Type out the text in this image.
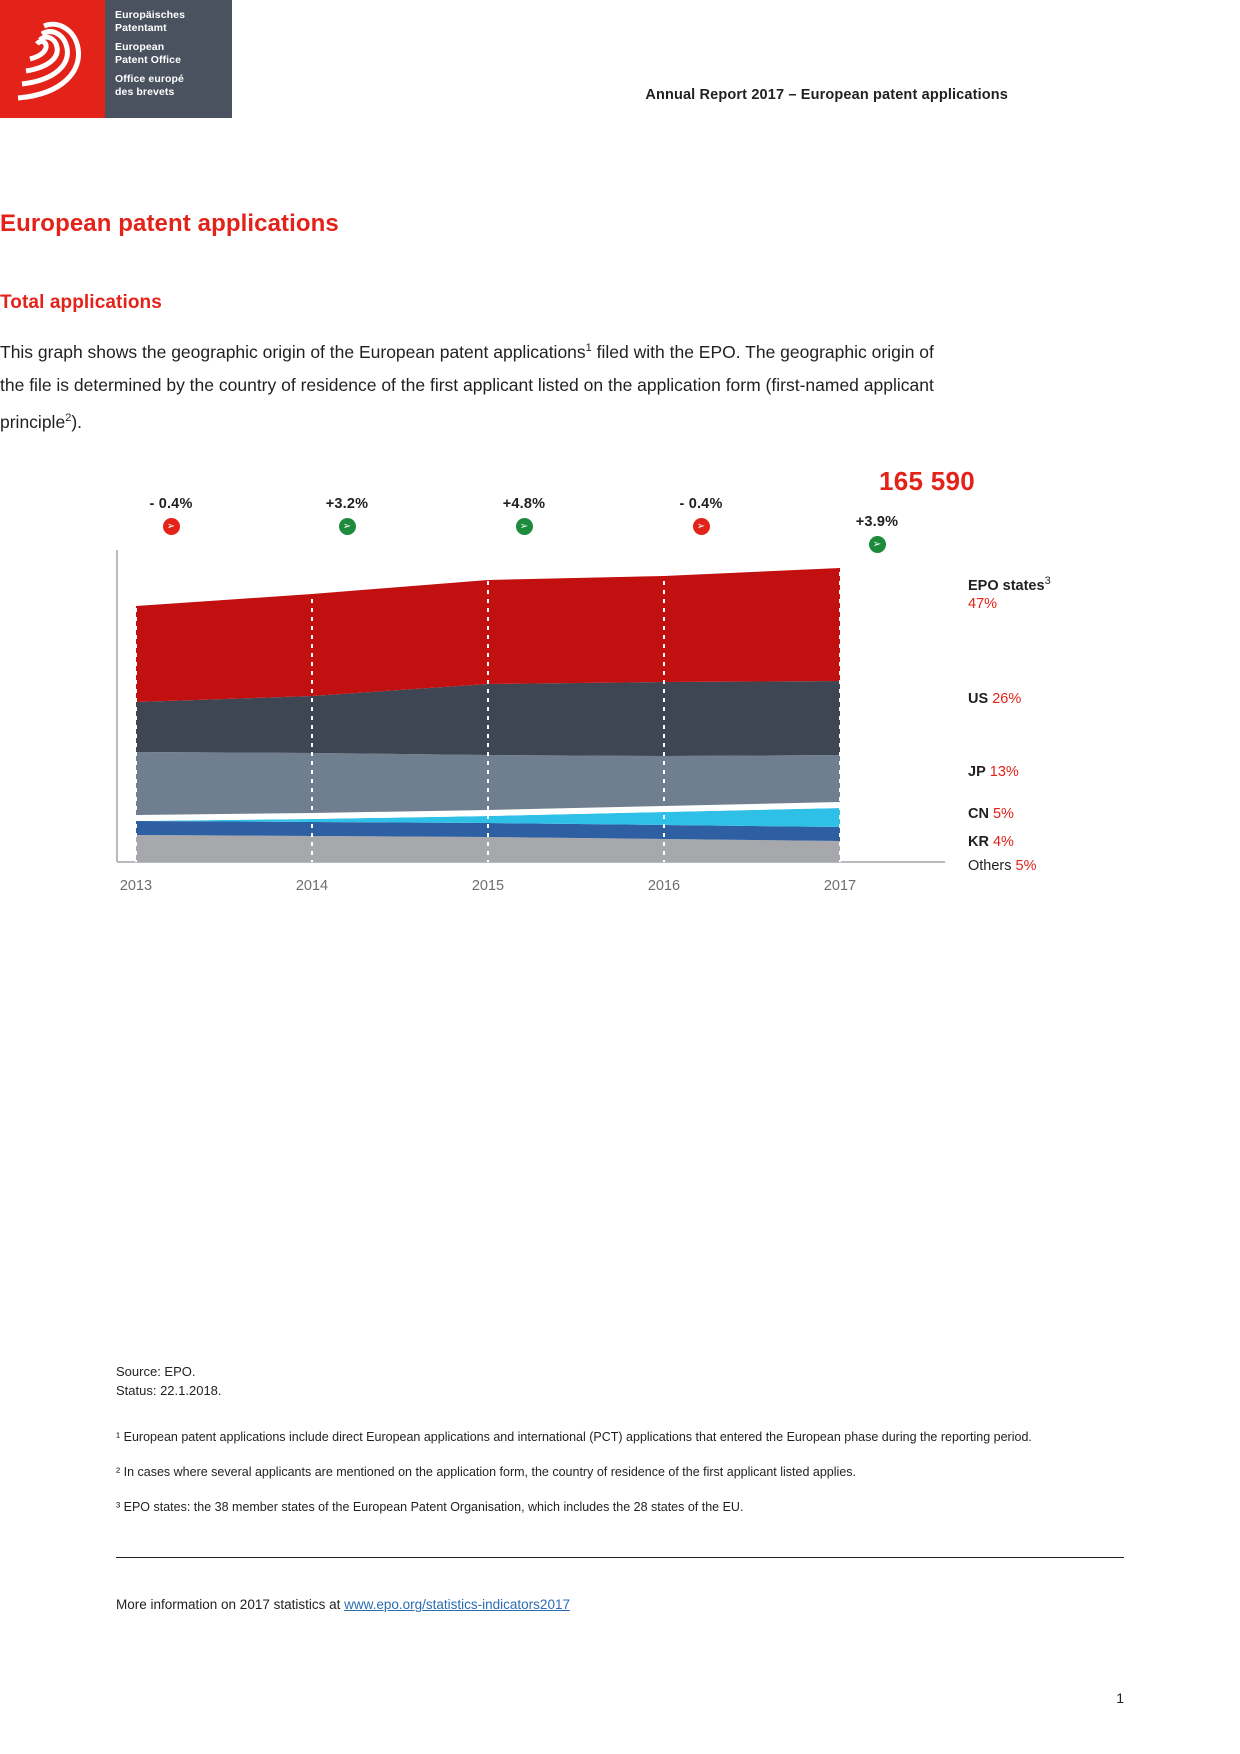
Europäisches
Patentamt
European
Patent Office
Office europé
des brevets	Annual Report 2017 – European patent applications
European patent applications
Total applications

This graph shows the geographic origin of the European patent applications$^1$ filed with the EPO. The geographic origin of the file is determined by the country of residence of the first applicant listed on the application form (first-named applicant principle$^2$).

165 590
- 0.4%
➢
+3.2%
➢
+4.8%
➢
- 0.4%
➢	+3.9%
➢
EPO states$^3$
47%
US 26%
JP 13%
CN 5%
KR 4%
Others 5%
2013	2014	2015	2016	2017
Source: EPO.
Status: 22.1.2018.

¹ European patent applications include direct European applications and international (PCT) applications that entered the European phase during the reporting period.

² In cases where several applicants are mentioned on the application form, the country of residence of the first applicant listed applies.

³ EPO states: the 38 member states of the European Patent Organisation, which includes the 28 states of the EU.

More information on 2017 statistics at www.epo.org/statistics-indicators2017
1
